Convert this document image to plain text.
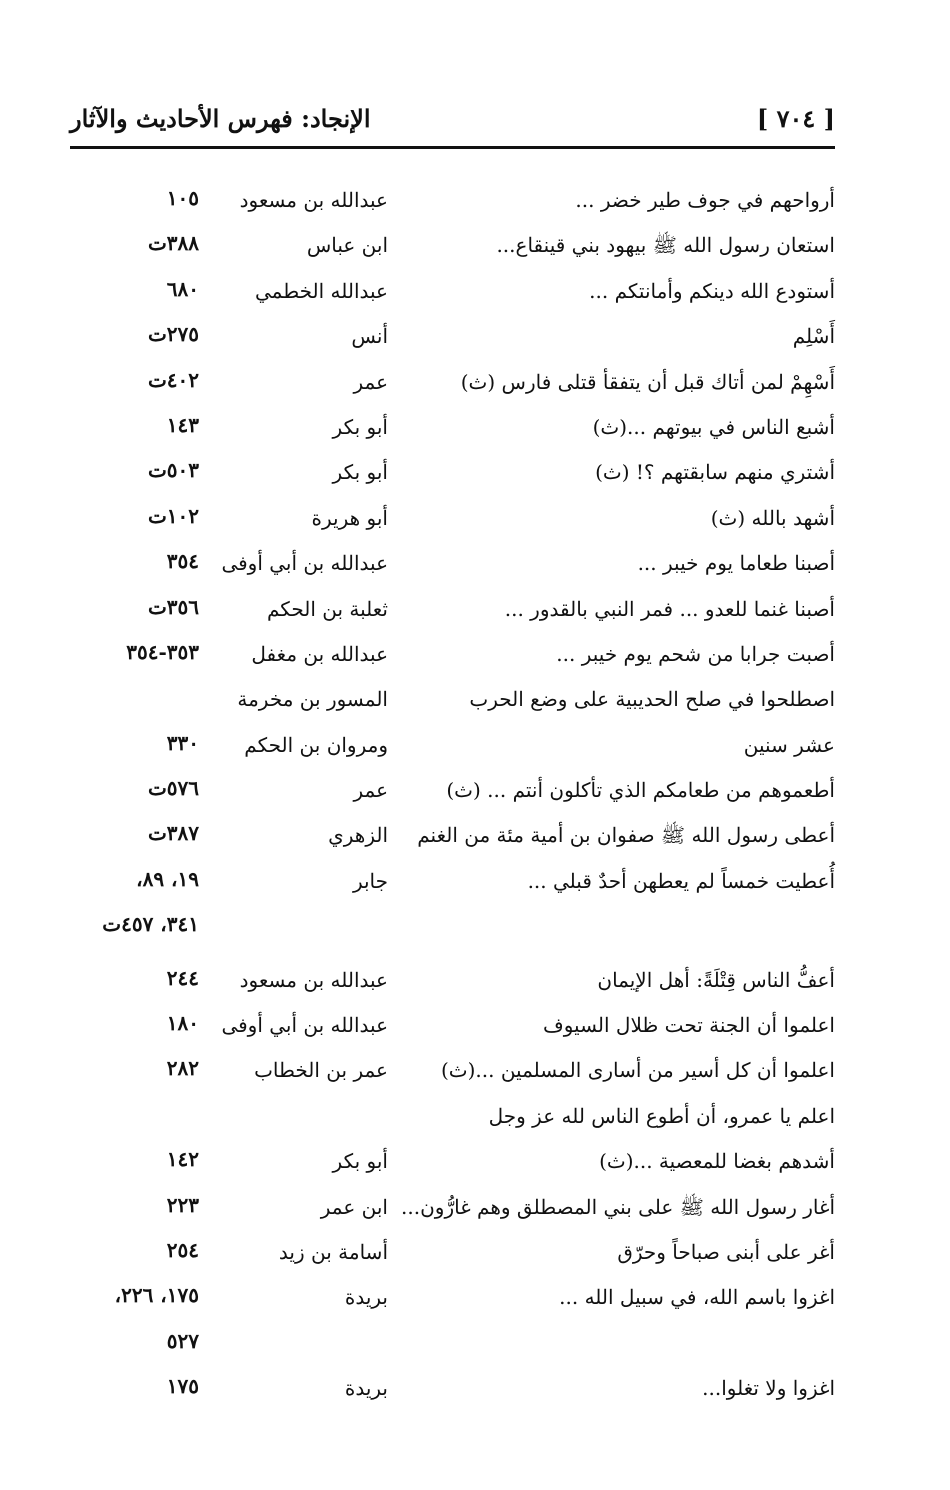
[ ٧٠٤ ]
الإنجاد: فهرس الأحاديث والآثار
أرواحهم في جوف طير خضر ...
عبدالله بن مسعود
١٠٥
استعان رسول الله ﷺ بيهود بني قينقاع...
ابن عباس
٣٨٨ت
أستودع الله دينكم وأمانتكم ...
عبدالله الخطمي
٦٨٠
أَسْلِم
أنس
٢٧٥ت
أَسْهِمْ لمن أتاك قبل أن يتفقأ قتلى فارس (ث)
عمر
٤٠٢ت
أشبع الناس في بيوتهم ...(ث)
أبو بكر
١٤٣
أشتري منهم سابقتهم ؟! (ث)
أبو بكر
٥٠٣ت
أشهد بالله (ث)
أبو هريرة
١٠٢ت
أصبنا طعاما يوم خيبر ...
عبدالله بن أبي أوفى
٣٥٤
أصبنا غنما للعدو ... فمر النبي بالقدور ...
ثعلبة بن الحكم
٣٥٦ت
أصبت جرابا من شحم يوم خيبر ...
عبدالله بن مغفل
٣٥٣-٣٥٤
اصطلحوا في صلح الحديبية على وضع الحرب
المسور بن مخرمة
عشر سنين
ومروان بن الحكم
٣٣٠
أطعموهم من طعامكم الذي تأكلون أنتم ... (ث)
عمر
٥٧٦ت
أعطى رسول الله ﷺ صفوان بن أمية مئة من الغنم
الزهري
٣٨٧ت
أُعطيت خمساً لم يعطهن أحدٌ قبلي ...
جابر
١٩، ٨٩،
٣٤١، ٤٥٧ت
أعفُّ الناس قِتْلَةً: أهل الإيمان
عبدالله بن مسعود
٢٤٤
اعلموا أن الجنة تحت ظلال السيوف
عبدالله بن أبي أوفى
١٨٠
اعلموا أن كل أسير من أسارى المسلمين ...(ث)
عمر بن الخطاب
٢٨٢
اعلم يا عمرو، أن أطوع الناس لله عز وجل
أشدهم بغضا للمعصية ...(ث)
أبو بكر
١٤٢
أغار رسول الله ﷺ على بني المصطلق وهم غارُّون...
ابن عمر
٢٢٣
أغر على أبنى صباحاً وحرّق
أسامة بن زيد
٢٥٤
اغزوا باسم الله، في سبيل الله ...
بريدة
١٧٥، ٢٢٦،
٥٢٧
اغزوا ولا تغلوا...
بريدة
١٧٥
